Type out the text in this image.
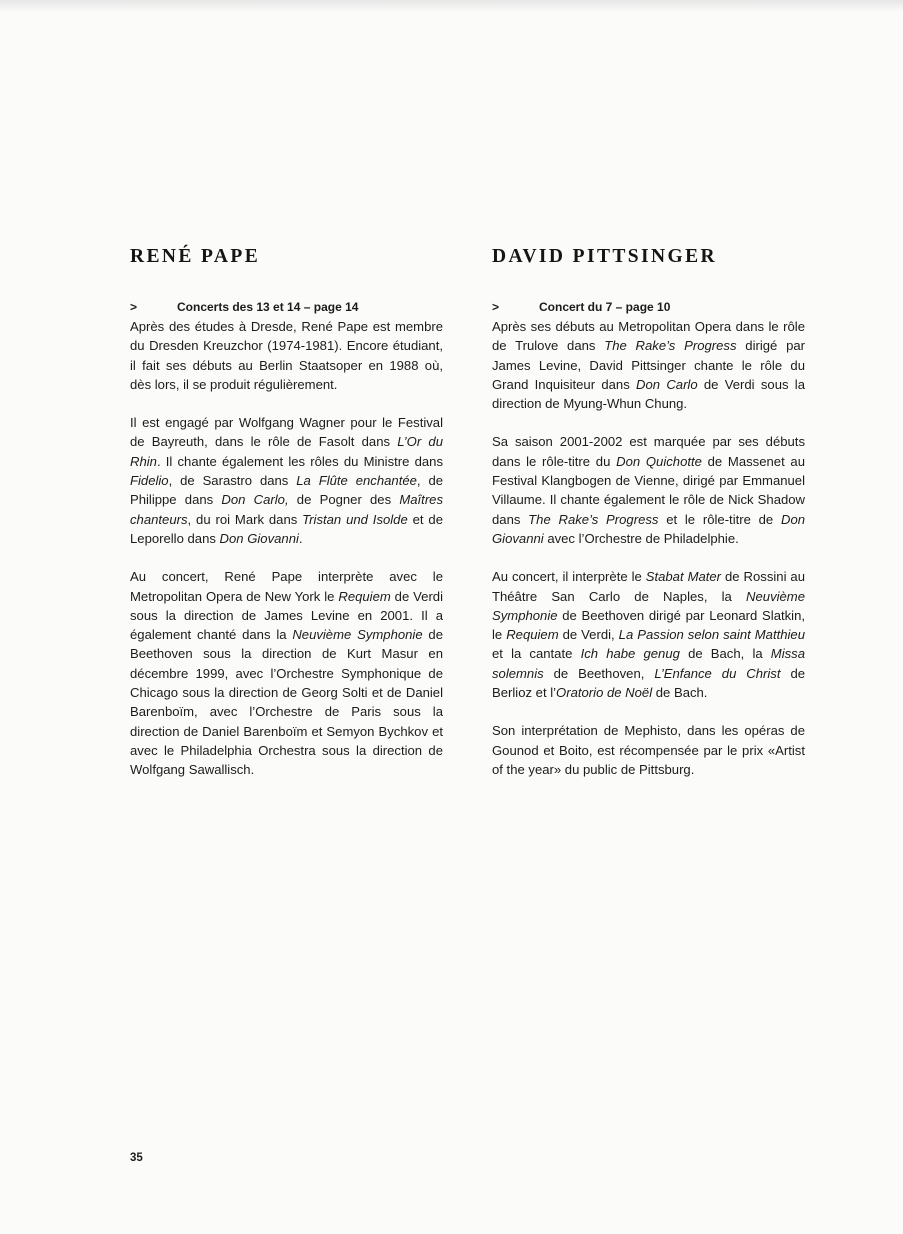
RENÉ PAPE
>	Concerts des 13 et 14 – page 14

Après des études à Dresde, René Pape est membre du Dresden Kreuzchor (1974-1981). Encore étudiant, il fait ses débuts au Berlin Staatsoper en 1988 où, dès lors, il se produit régulièrement.

Il est engagé par Wolfgang Wagner pour le Festival de Bayreuth, dans le rôle de Fasolt dans L’Or du Rhin. Il chante également les rôles du Ministre dans Fidelio, de Sarastro dans La Flûte enchantée, de Philippe dans Don Carlo, de Pogner des Maîtres chanteurs, du roi Mark dans Tristan und Isolde et de Leporello dans Don Giovanni.

Au concert, René Pape interprète avec le Metropolitan Opera de New York le Requiem de Verdi sous la direction de James Levine en 2001. Il a également chanté dans la Neuvième Symphonie de Beethoven sous la direction de Kurt Masur en décembre 1999, avec l’Orchestre Symphonique de Chicago sous la direction de Georg Solti et de Daniel Barenboïm, avec l’Orchestre de Paris sous la direction de Daniel Barenboïm et Semyon Bychkov et avec le Philadelphia Orchestra sous la direction de Wolfgang Sawallisch.

DAVID PITTSINGER
>	Concert du 7 – page 10

Après ses débuts au Metropolitan Opera dans le rôle de Trulove dans The Rake’s Progress dirigé par James Levine, David Pittsinger chante le rôle du Grand Inquisiteur dans Don Carlo de Verdi sous la direction de Myung-Whun Chung.

Sa saison 2001-2002 est marquée par ses débuts dans le rôle-titre du Don Quichotte de Massenet au Festival Klangbogen de Vienne, dirigé par Emmanuel Villaume. Il chante également le rôle de Nick Shadow dans The Rake’s Progress et le rôle-titre de Don Giovanni avec l’Orchestre de Philadelphie.

Au concert, il interprète le Stabat Mater de Rossini au Théâtre San Carlo de Naples, la Neuvième Symphonie de Beethoven dirigé par Leonard Slatkin, le Requiem de Verdi, La Passion selon saint Matthieu et la cantate Ich habe genug de Bach, la Missa solemnis de Beethoven, L’Enfance du Christ de Berlioz et l’Oratorio de Noël de Bach.

Son interprétation de Mephisto, dans les opéras de Gounod et Boito, est récompensée par le prix «Artist of the year» du public de Pittsburg.

35
